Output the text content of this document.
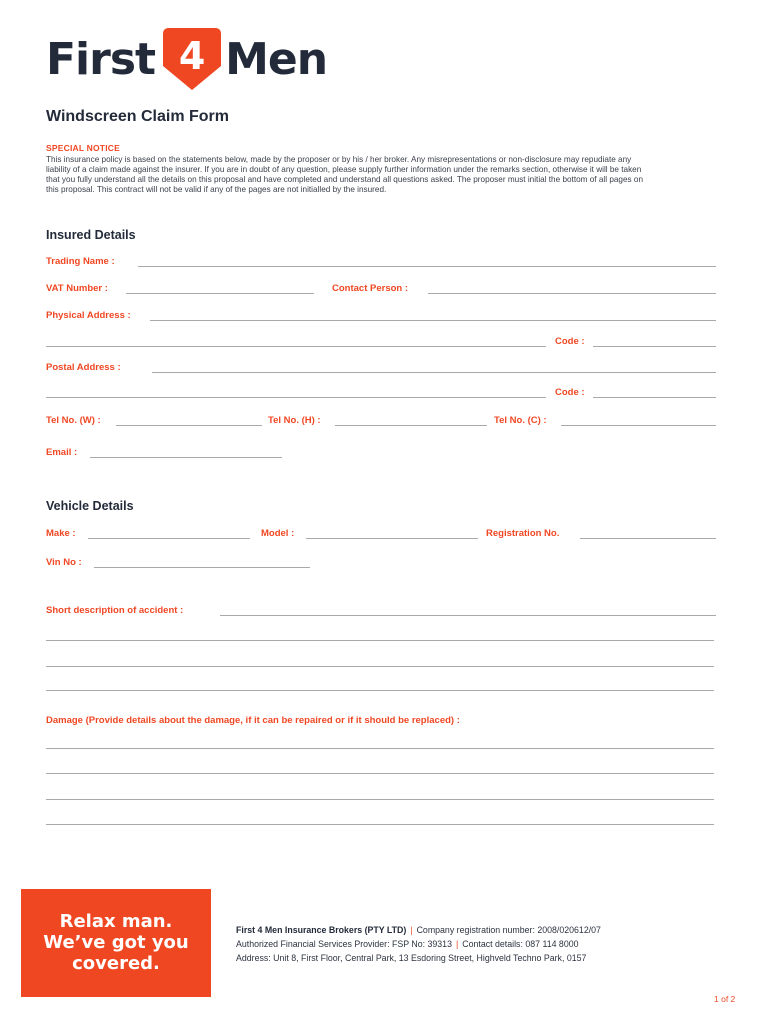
First 4 Men
Windscreen Claim Form
SPECIAL NOTICE
This insurance policy is based on the statements below, made by the proposer or by his / her broker. Any misrepresentations or non-disclosure may repudiate any liability of a claim made against the insurer. If you are in doubt of any question, please supply further information under the remarks section, otherwise it will be taken that you fully understand all the details on this proposal and have completed and understand all questions asked. The proposer must initial the bottom of all pages on this proposal. This contract will not be valid if any of the pages are not initialled by the insured.
Insured Details
Trading Name :
VAT Number :	Contact Person :
Physical Address :
Code :
Postal Address :
Code :
Tel No. (W) :	Tel No. (H) :	Tel No. (C) :
Email :
Vehicle Details
Make :	Model :	Registration No.
Vin No :
Short description of accident :
Damage (Provide details about the damage, if it can be repaired or if it should be replaced) :
Relax man.
We’ve got you
covered.
First 4 Men Insurance Brokers (PTY LTD) | Company registration number: 2008/020612/07
Authorized Financial Services Provider: FSP No: 39313 | Contact details: 087 114 8000
Address: Unit 8, First Floor, Central Park, 13 Esdoring Street, Highveld Techno Park, 0157
1 of 2
